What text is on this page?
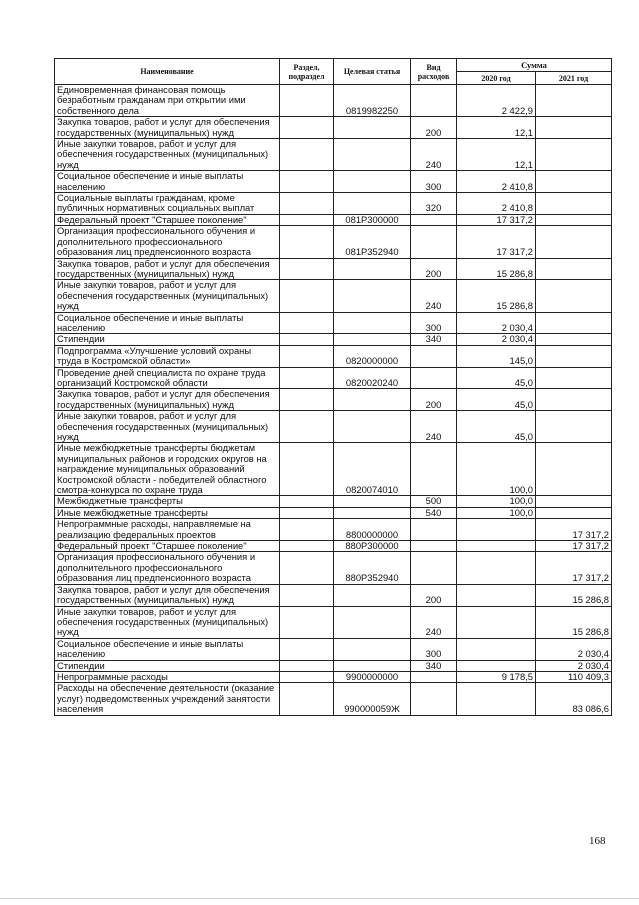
Наименование	Раздел, подраздел	Целевая статья	Вид расходов	Сумма	
				2020 год	2021 год
Единовременная финансовая помощь безработным гражданам при открытии ими собственного дела		0819982250		2 422,9	
Закупка товаров, работ и услуг для обеспечения государственных (муниципальных) нужд			200	12,1	
Иные закупки товаров, работ и услуг для обеспечения государственных (муниципальных) нужд			240	12,1	
Социальное обеспечение и иные выплаты населению			300	2 410,8	
Социальные выплаты гражданам, кроме публичных нормативных социальных выплат			320	2 410,8	
Федеральный проект "Старшее поколение"		081P300000		17 317,2	
Организация профессионального обучения и дополнительного профессионального образования лиц предпенсионного возраста		081P352940		17 317,2	
Закупка товаров, работ и услуг для обеспечения государственных (муниципальных) нужд			200	15 286,8	
Иные закупки товаров, работ и услуг для обеспечения государственных (муниципальных) нужд			240	15 286,8	
Социальное обеспечение и иные выплаты населению			300	2 030,4	
Стипендии			340	2 030,4	
Подпрограмма «Улучшение условий охраны труда в Костромской области»		0820000000		145,0	
Проведение дней специалиста по охране труда организаций Костромской области		0820020240		45,0	
Закупка товаров, работ и услуг для обеспечения государственных (муниципальных) нужд			200	45,0	
Иные закупки товаров, работ и услуг для обеспечения государственных (муниципальных) нужд			240	45,0	
Иные межбюджетные трансферты бюджетам муниципальных районов и городских округов на награждение муниципальных образований Костромской области - победителей областного смотра-конкурса по охране труда		0820074010		100,0	
Межбюджетные трансферты			500	100,0	
Иные межбюджетные трансферты			540	100,0	
Непрограммные расходы, направляемые на реализацию федеральных проектов		8800000000			17 317,2
Федеральный проект "Старшее поколение"		880P300000			17 317,2
Организация профессионального обучения и дополнительного профессионального образования лиц предпенсионного возраста		880P352940			17 317,2
Закупка товаров, работ и услуг для обеспечения государственных (муниципальных) нужд			200		15 286,8
Иные закупки товаров, работ и услуг для обеспечения государственных (муниципальных) нужд			240		15 286,8
Социальное обеспечение и иные выплаты населению			300		2 030,4
Стипендии			340		2 030,4
Непрограммные расходы		9900000000		9 178,5	110 409,3
Расходы на обеспечение деятельности (оказание услуг) подведомственных учреждений занятости населения		990000059Ж			83 086,6
168
